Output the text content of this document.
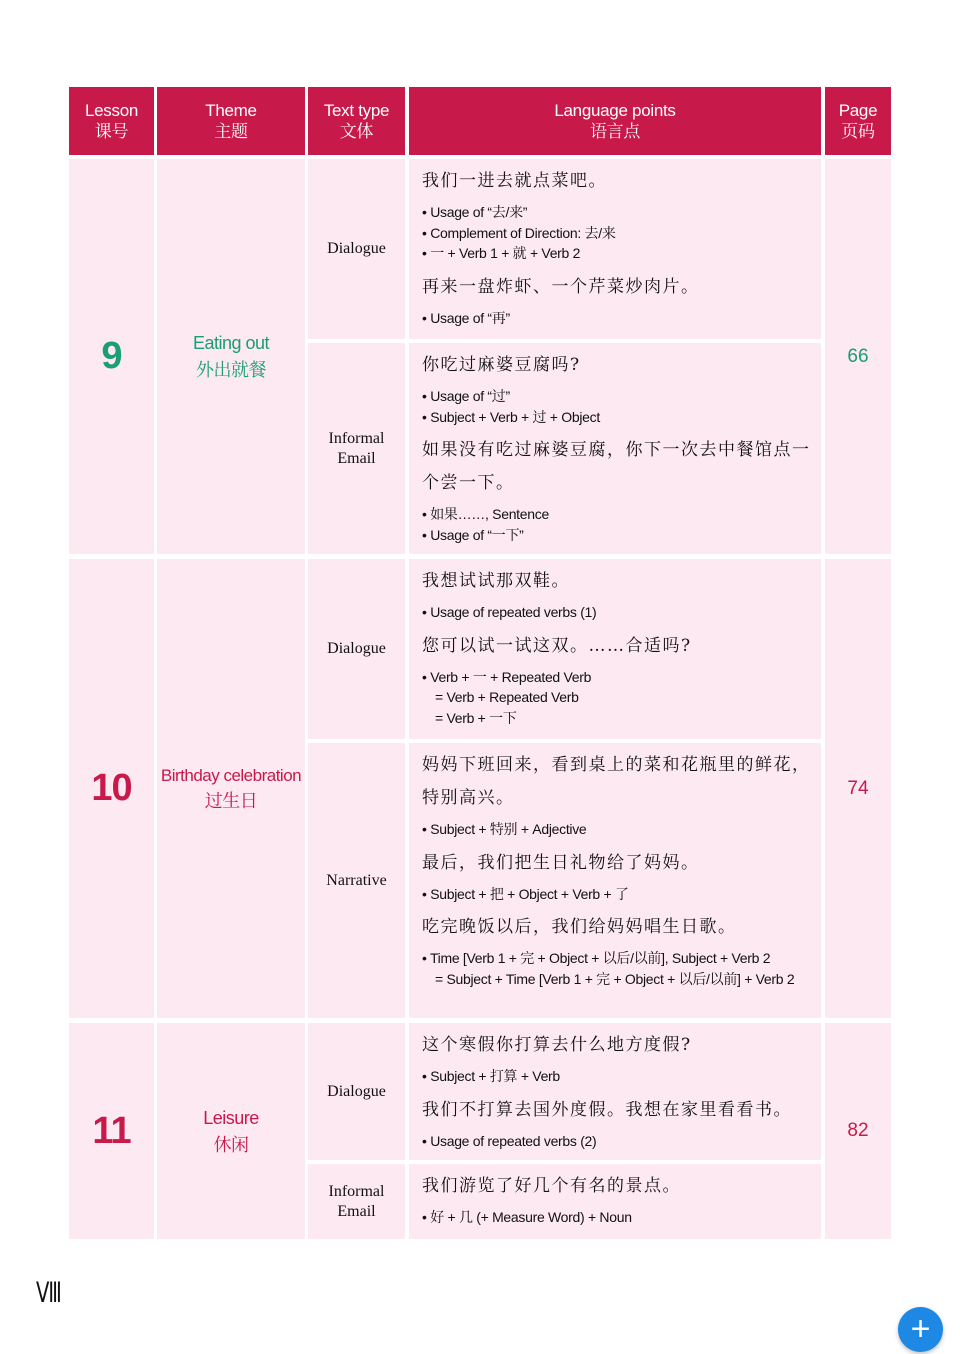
Lesson
课号
Theme
主题
Text type
文体
Language points
语言点
Page
页码
9	Eating out
外出就餐
66
Dialogue
我们一进去就点菜吧。
• Usage of “去/来”
• Complement of Direction: 去/来
• 一 + Verb 1 + 就 + Verb 2
再来一盘炸虾、一个芹菜炒肉片。
• Usage of “再”
Informal
Email
你吃过麻婆豆腐吗?
• Usage of “过”
• Subject + Verb + 过 + Object
如果没有吃过麻婆豆腐，你下一次去中餐馆点一个尝一下。
• 如果……, Sentence
• Usage of “一下”
10 Birthday celebration
过生日
74
Dialogue
我想试试那双鞋。
• Usage of repeated verbs (1)
您可以试一试这双。……合适吗?
• Verb + 一 + Repeated Verb
= Verb + Repeated Verb
= Verb + 一下
Narrative
妈妈下班回来，看到桌上的菜和花瓶里的鲜花，特别高兴。
• Subject + 特别 + Adjective
最后，我们把生日礼物给了妈妈。
• Subject + 把 + Object + Verb + 了
吃完晚饭以后，我们给妈妈唱生日歌。
• Time [Verb 1 + 完 + Object + 以后/以前], Subject + Verb 2
= Subject + Time [Verb 1 + 完 + Object + 以后/以前] + Verb 2
11	Leisure
休闲
82
Dialogue
这个寒假你打算去什么地方度假?
• Subject + 打算 + Verb
我们不打算去国外度假。我想在家里看看书。
• Usage of repeated verbs (2)
Informal
Email
我们游览了好几个有名的景点。
• 好 + 几 (+ Measure Word) + Noun
Ⅷ
+
